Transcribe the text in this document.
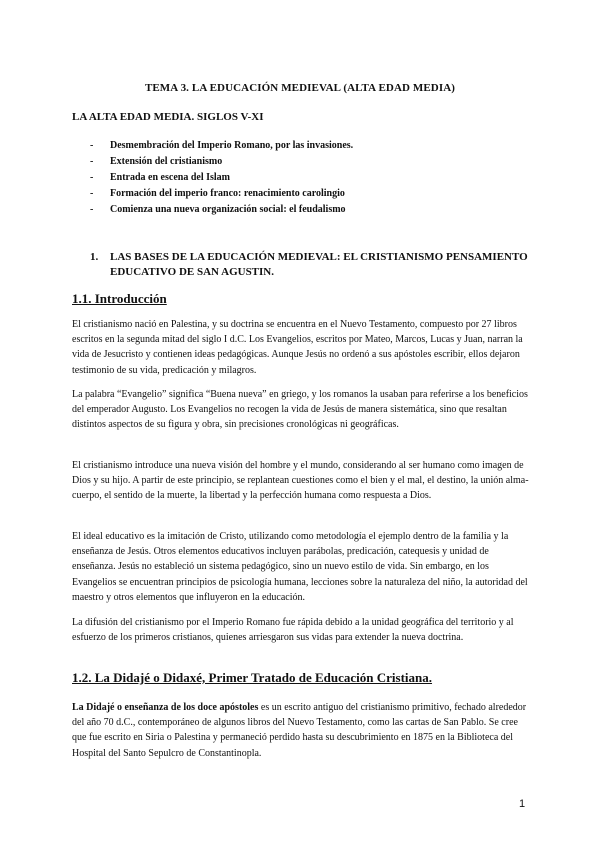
TEMA 3. LA EDUCACIÓN MEDIEVAL (ALTA EDAD MEDIA)
LA ALTA EDAD MEDIA. SIGLOS V-XI
- Desmembración del Imperio Romano, por las invasiones.
- Extensión del cristianismo
- Entrada en escena del Islam
- Formación del imperio franco: renacimiento carolingio
- Comienza una nueva organización social: el feudalismo
1. LAS BASES DE LA EDUCACIÓN MEDIEVAL: EL CRISTIANISMO PENSAMIENTO EDUCATIVO DE SAN AGUSTIN.
1.1. Introducción

El cristianismo nació en Palestina, y su doctrina se encuentra en el Nuevo Testamento, compuesto por 27 libros escritos en la segunda mitad del siglo I d.C. Los Evangelios, escritos por Mateo, Marcos, Lucas y Juan, narran la vida de Jesucristo y contienen ideas pedagógicas. Aunque Jesús no ordenó a sus apóstoles escribir, ellos dejaron testimonio de su vida, predicación y milagros.

La palabra “Evangelio” significa “Buena nueva” en griego, y los romanos la usaban para referirse a los beneficios del emperador Augusto. Los Evangelios no recogen la vida de Jesús de manera sistemática, sino que resaltan distintos aspectos de su figura y obra, sin precisiones cronológicas ni geográficas.

El cristianismo introduce una nueva visión del hombre y el mundo, considerando al ser humano como imagen de Dios y su hijo. A partir de este principio, se replantean cuestiones como el bien y el mal, el destino, la unión alma-cuerpo, el sentido de la muerte, la libertad y la perfección humana como respuesta a Dios.

El ideal educativo es la imitación de Cristo, utilizando como metodología el ejemplo dentro de la familia y la enseñanza de Jesús. Otros elementos educativos incluyen parábolas, predicación, catequesis y unidad de enseñanza. Jesús no estableció un sistema pedagógico, sino un nuevo estilo de vida. Sin embargo, en los Evangelios se encuentran principios de psicología humana, lecciones sobre la naturaleza del niño, la autoridad del maestro y otros elementos que influyeron en la educación.

La difusión del cristianismo por el Imperio Romano fue rápida debido a la unidad geográfica del territorio y al esfuerzo de los primeros cristianos, quienes arriesgaron sus vidas para extender la nueva doctrina.

1.2. La Didajé o Didaxé, Primer Tratado de Educación Cristiana.

La Didajé o enseñanza de los doce apóstoles es un escrito antiguo del cristianismo primitivo, fechado alrededor del año 70 d.C., contemporáneo de algunos libros del Nuevo Testamento, como las cartas de San Pablo. Se cree que fue escrito en Siria o Palestina y permaneció perdido hasta su descubrimiento en 1875 en la Biblioteca del Hospital del Santo Sepulcro de Constantinopla.

1
